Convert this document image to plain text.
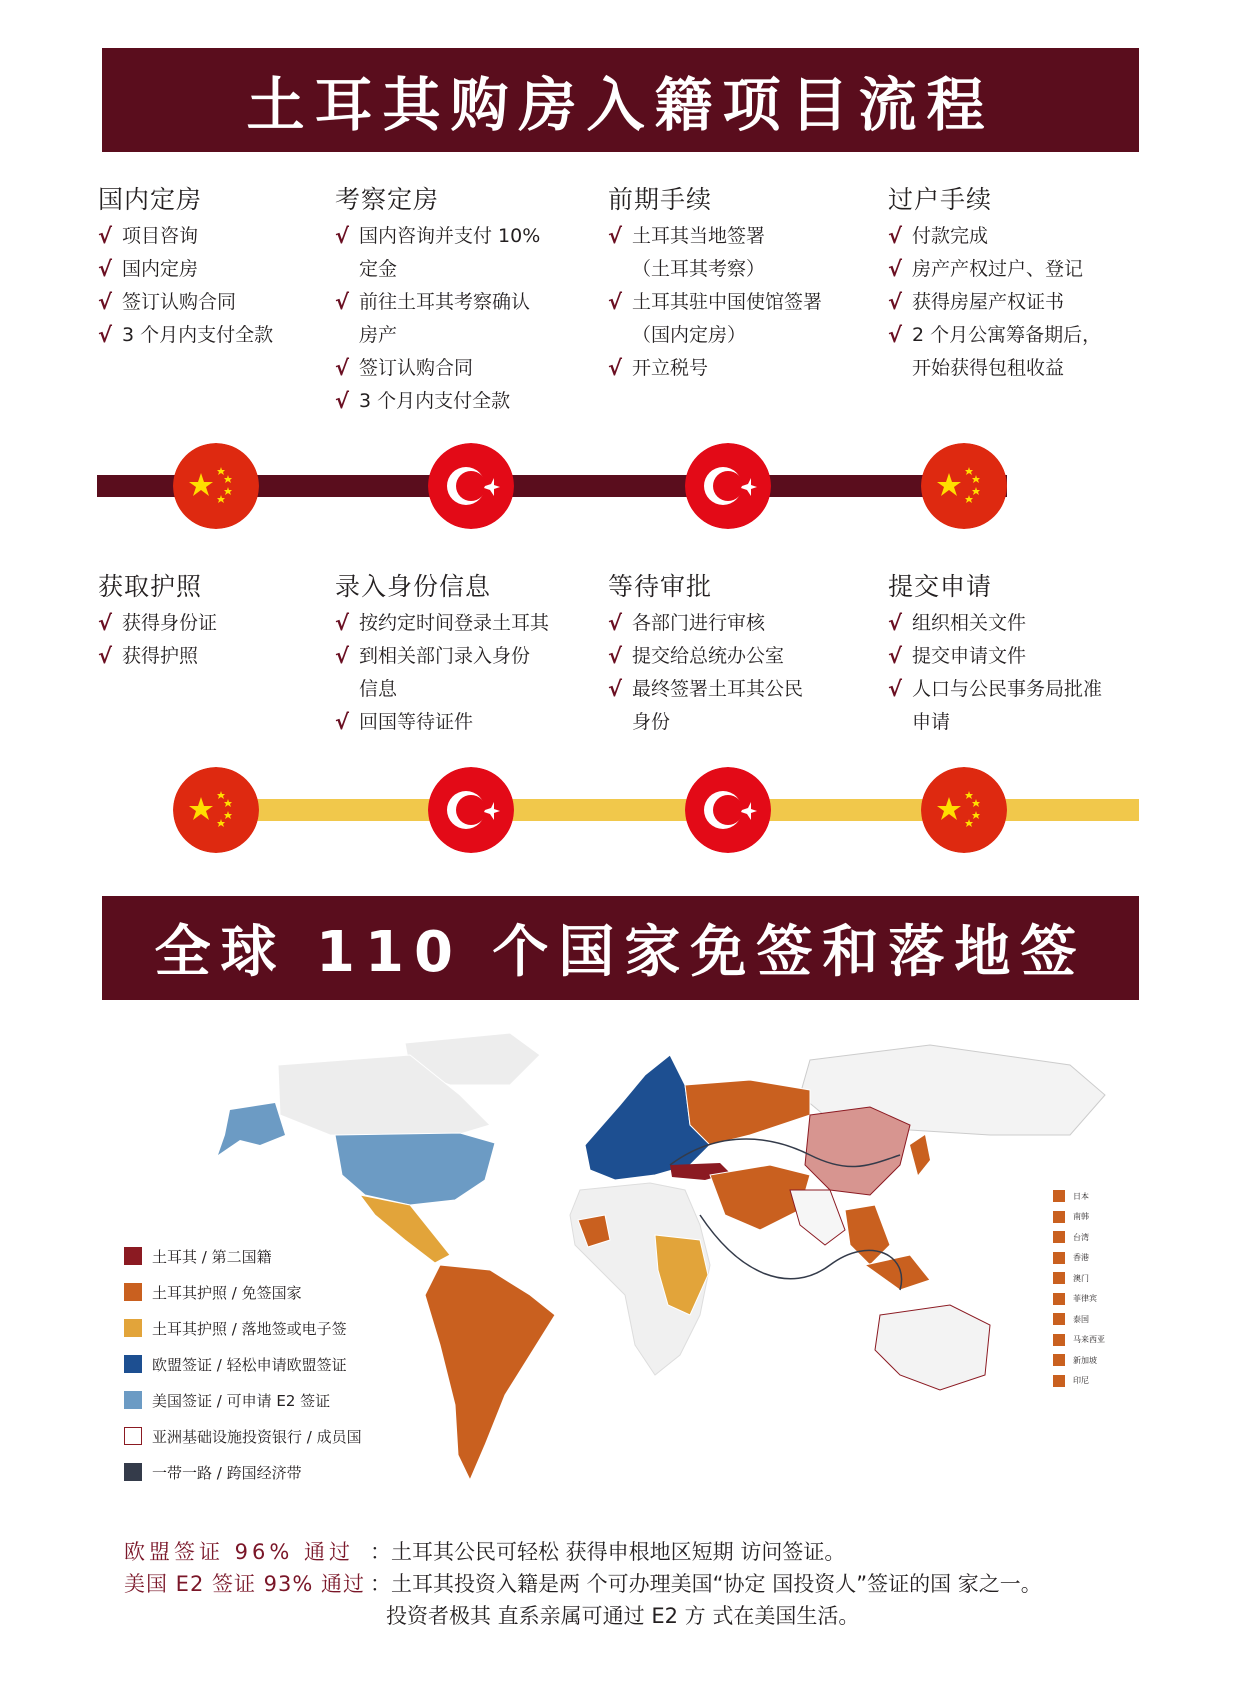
土耳其购房入籍项目流程
国内定房
√ 项目咨询
√ 国内定房
√ 签订认购合同
√ 3 个月内支付全款
考察定房
√ 国内咨询并支付 10%
定金
√ 前往土耳其考察确认
房产
√ 签订认购合同
√ 3 个月内支付全款
前期手续
√ 土耳其当地签署
（土耳其考察）
√ 土耳其驻中国使馆签署
（国内定房）
√ 开立税号
过户手续
√ 付款完成
√ 房产产权过户、登记
√ 获得房屋产权证书
√ 2 个月公寓筹备期后，
开始获得包租收益
获取护照
√ 获得身份证
√ 获得护照
录入身份信息
√ 按约定时间登录土耳其
√ 到相关部门录入身份
信息
√ 回国等待证件
等待审批
√ 各部门进行审核
√ 提交给总统办公室
√ 最终签署土耳其公民
身份
提交申请
√ 组织相关文件
√ 提交申请文件
√ 人口与公民事务局批准
申请
全球 110 个国家免签和落地签
土耳其 / 第二国籍
土耳其护照 / 免签国家
土耳其护照 / 落地签或电子签
欧盟签证 / 轻松申请欧盟签证
美国签证 / 可申请 E2 签证
亚洲基础设施投资银行 / 成员国
一带一路 / 跨国经济带
日本
南韩
台湾
香港
澳门
菲律宾
泰国
马来西亚
新加坡
印尼
欧盟签证 96% 通过 ：土耳其公民可轻松 获得申根地区短期 访问签证。
美国 E2 签证 93% 通过 ：土耳其投资入籍是两 个可办理美国“协定 国投资人”签证的国 家之一。
投资者极其 直系亲属可通过 E2 方 式在美国生活。
